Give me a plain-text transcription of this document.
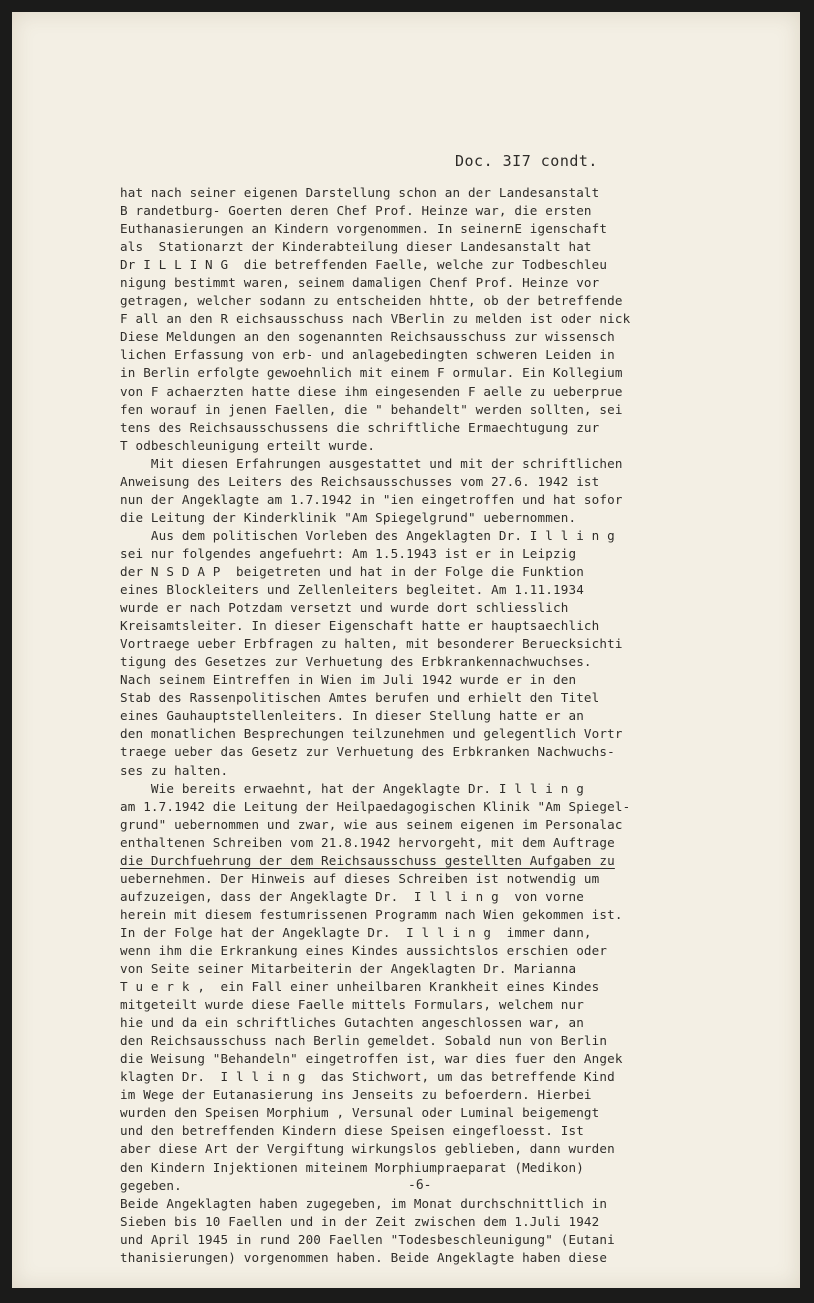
Doc. 3I7 condt.
hat nach seiner eigenen Darstellung schon an der Landesanstalt
B randetburg- Goerten deren Chef Prof. Heinze war, die ersten
Euthanasierungen an Kindern vorgenommen. In seinernE igenschaft
als  Stationarzt der Kinderabteilung dieser Landesanstalt hat
Dr I L L I N G  die betreffenden Faelle, welche zur Todbeschleu
nigung bestimmt waren, seinem damaligen Chenf Prof. Heinze vor
getragen, welcher sodann zu entscheiden hhtte, ob der betreffende
F all an den R eichsausschuss nach VBerlin zu melden ist oder nick
Diese Meldungen an den sogenannten Reichsausschuss zur wissensch
lichen Erfassung von erb- und anlagebedingten schweren Leiden in
in Berlin erfolgte gewoehnlich mit einem F ormular. Ein Kollegium
von F achaerzten hatte diese ihm eingesenden F aelle zu ueberprue
fen worauf in jenen Faellen, die " behandelt" werden sollten, sei
tens des Reichsausschussens die schriftliche Ermaechtugung zur
T odbeschleunigung erteilt wurde.
Mit diesen Erfahrungen ausgestattet und mit der schriftlichen
Anweisung des Leiters des Reichsausschusses vom 27.6. 1942 ist
nun der Angeklagte am 1.7.1942 in "ien eingetroffen und hat sofor
die Leitung der Kinderklinik "Am Spiegelgrund" uebernommen.
Aus dem politischen Vorleben des Angeklagten Dr. I l l i n g
sei nur folgendes angefuehrt: Am 1.5.1943 ist er in Leipzig
der N S D A P  beigetreten und hat in der Folge die Funktion
eines Blockleiters und Zellenleiters begleitet. Am 1.11.1934
wurde er nach Potzdam versetzt und wurde dort schliesslich
Kreisamtsleiter. In dieser Eigenschaft hatte er hauptsaechlich
Vortraege ueber Erbfragen zu halten, mit besonderer Beruecksichti
tigung des Gesetzes zur Verhuetung des Erbkrankennachwuchses.
Nach seinem Eintreffen in Wien im Juli 1942 wurde er in den
Stab des Rassenpolitischen Amtes berufen und erhielt den Titel
eines Gauhauptstellenleiters. In dieser Stellung hatte er an
den monatlichen Besprechungen teilzunehmen und gelegentlich Vortr
traege ueber das Gesetz zur Verhuetung des Erbkranken Nachwuchs-
ses zu halten.
Wie bereits erwaehnt, hat der Angeklagte Dr. I l l i n g
am 1.7.1942 die Leitung der Heilpaedagogischen Klinik "Am Spiegel-
grund" uebernommen und zwar, wie aus seinem eigenen im Personalac
enthaltenen Schreiben vom 21.8.1942 hervorgeht, mit dem Auftrage
die Durchfuehrung der dem Reichsausschuss gestellten Aufgaben zu
uebernehmen. Der Hinweis auf dieses Schreiben ist notwendig um
aufzuzeigen, dass der Angeklagte Dr.  I l l i n g  von vorne
herein mit diesem festumrissenen Programm nach Wien gekommen ist.
In der Folge hat der Angeklagte Dr.  I l l i n g  immer dann,
wenn ihm die Erkrankung eines Kindes aussichtslos erschien oder
von Seite seiner Mitarbeiterin der Angeklagten Dr. Marianna
T u e r k ,  ein Fall einer unheilbaren Krankheit eines Kindes
mitgeteilt wurde diese Faelle mittels Formulars, welchem nur
hie und da ein schriftliches Gutachten angeschlossen war, an
den Reichsausschuss nach Berlin gemeldet. Sobald nun von Berlin
die Weisung "Behandeln" eingetroffen ist, war dies fuer den Angek
klagten Dr.  I l l i n g  das Stichwort, um das betreffende Kind
im Wege der Eutanasierung ins Jenseits zu befoerdern. Hierbei
wurden den Speisen Morphium , Versunal oder Luminal beigemengt
und den betreffenden Kindern diese Speisen eingefloesst. Ist
aber diese Art der Vergiftung wirkungslos geblieben, dann wurden
den Kindern Injektionen miteinem Morphiumpraeparat (Medikon)
gegeben.
Beide Angeklagten haben zugegeben, im Monat durchschnittlich in
Sieben bis 10 Faellen und in der Zeit zwischen dem 1.Juli 1942
und April 1945 in rund 200 Faellen "Todesbeschleunigung" (Eutani
thanisierungen) vorgenommen haben. Beide Angeklagte haben diese
-6-
